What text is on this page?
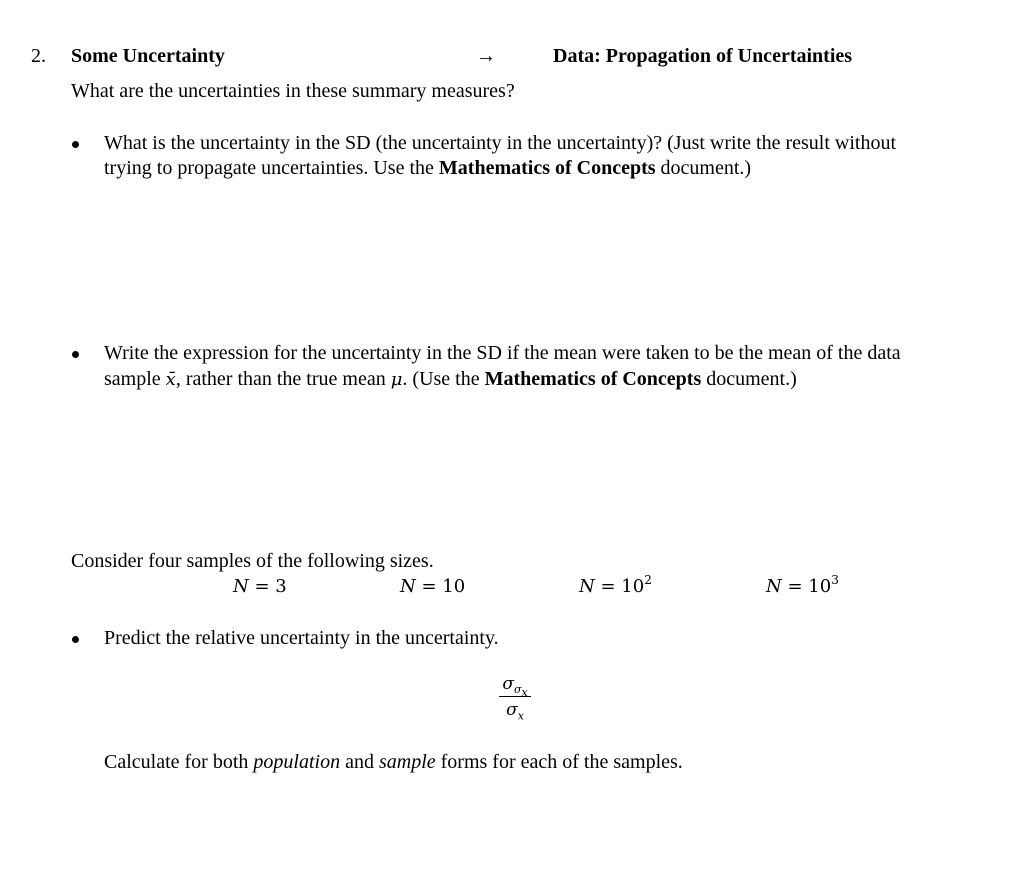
2. Some Uncertainty	→	Data: Propagation of Uncertainties
What are the uncertainties in these summary measures?
What is the uncertainty in the SD (the uncertainty in the uncertainty)? (Just write the result without
trying to propagate uncertainties. Use the Mathematics of Concepts document.)
Write the expression for the uncertainty in the SD if the mean were taken to be the mean of the data
sample x̄, rather than the true mean μ. (Use the Mathematics of Concepts document.)
Consider four samples of the following sizes.
N = 3	N = 10	$N = 10^2$	$N = 10^3$
Predict the relative uncertainty in the uncertainty.
$\sigma_{\sigma_x}$
$\sigma_x$
Calculate for both population and sample forms for each of the samples.
